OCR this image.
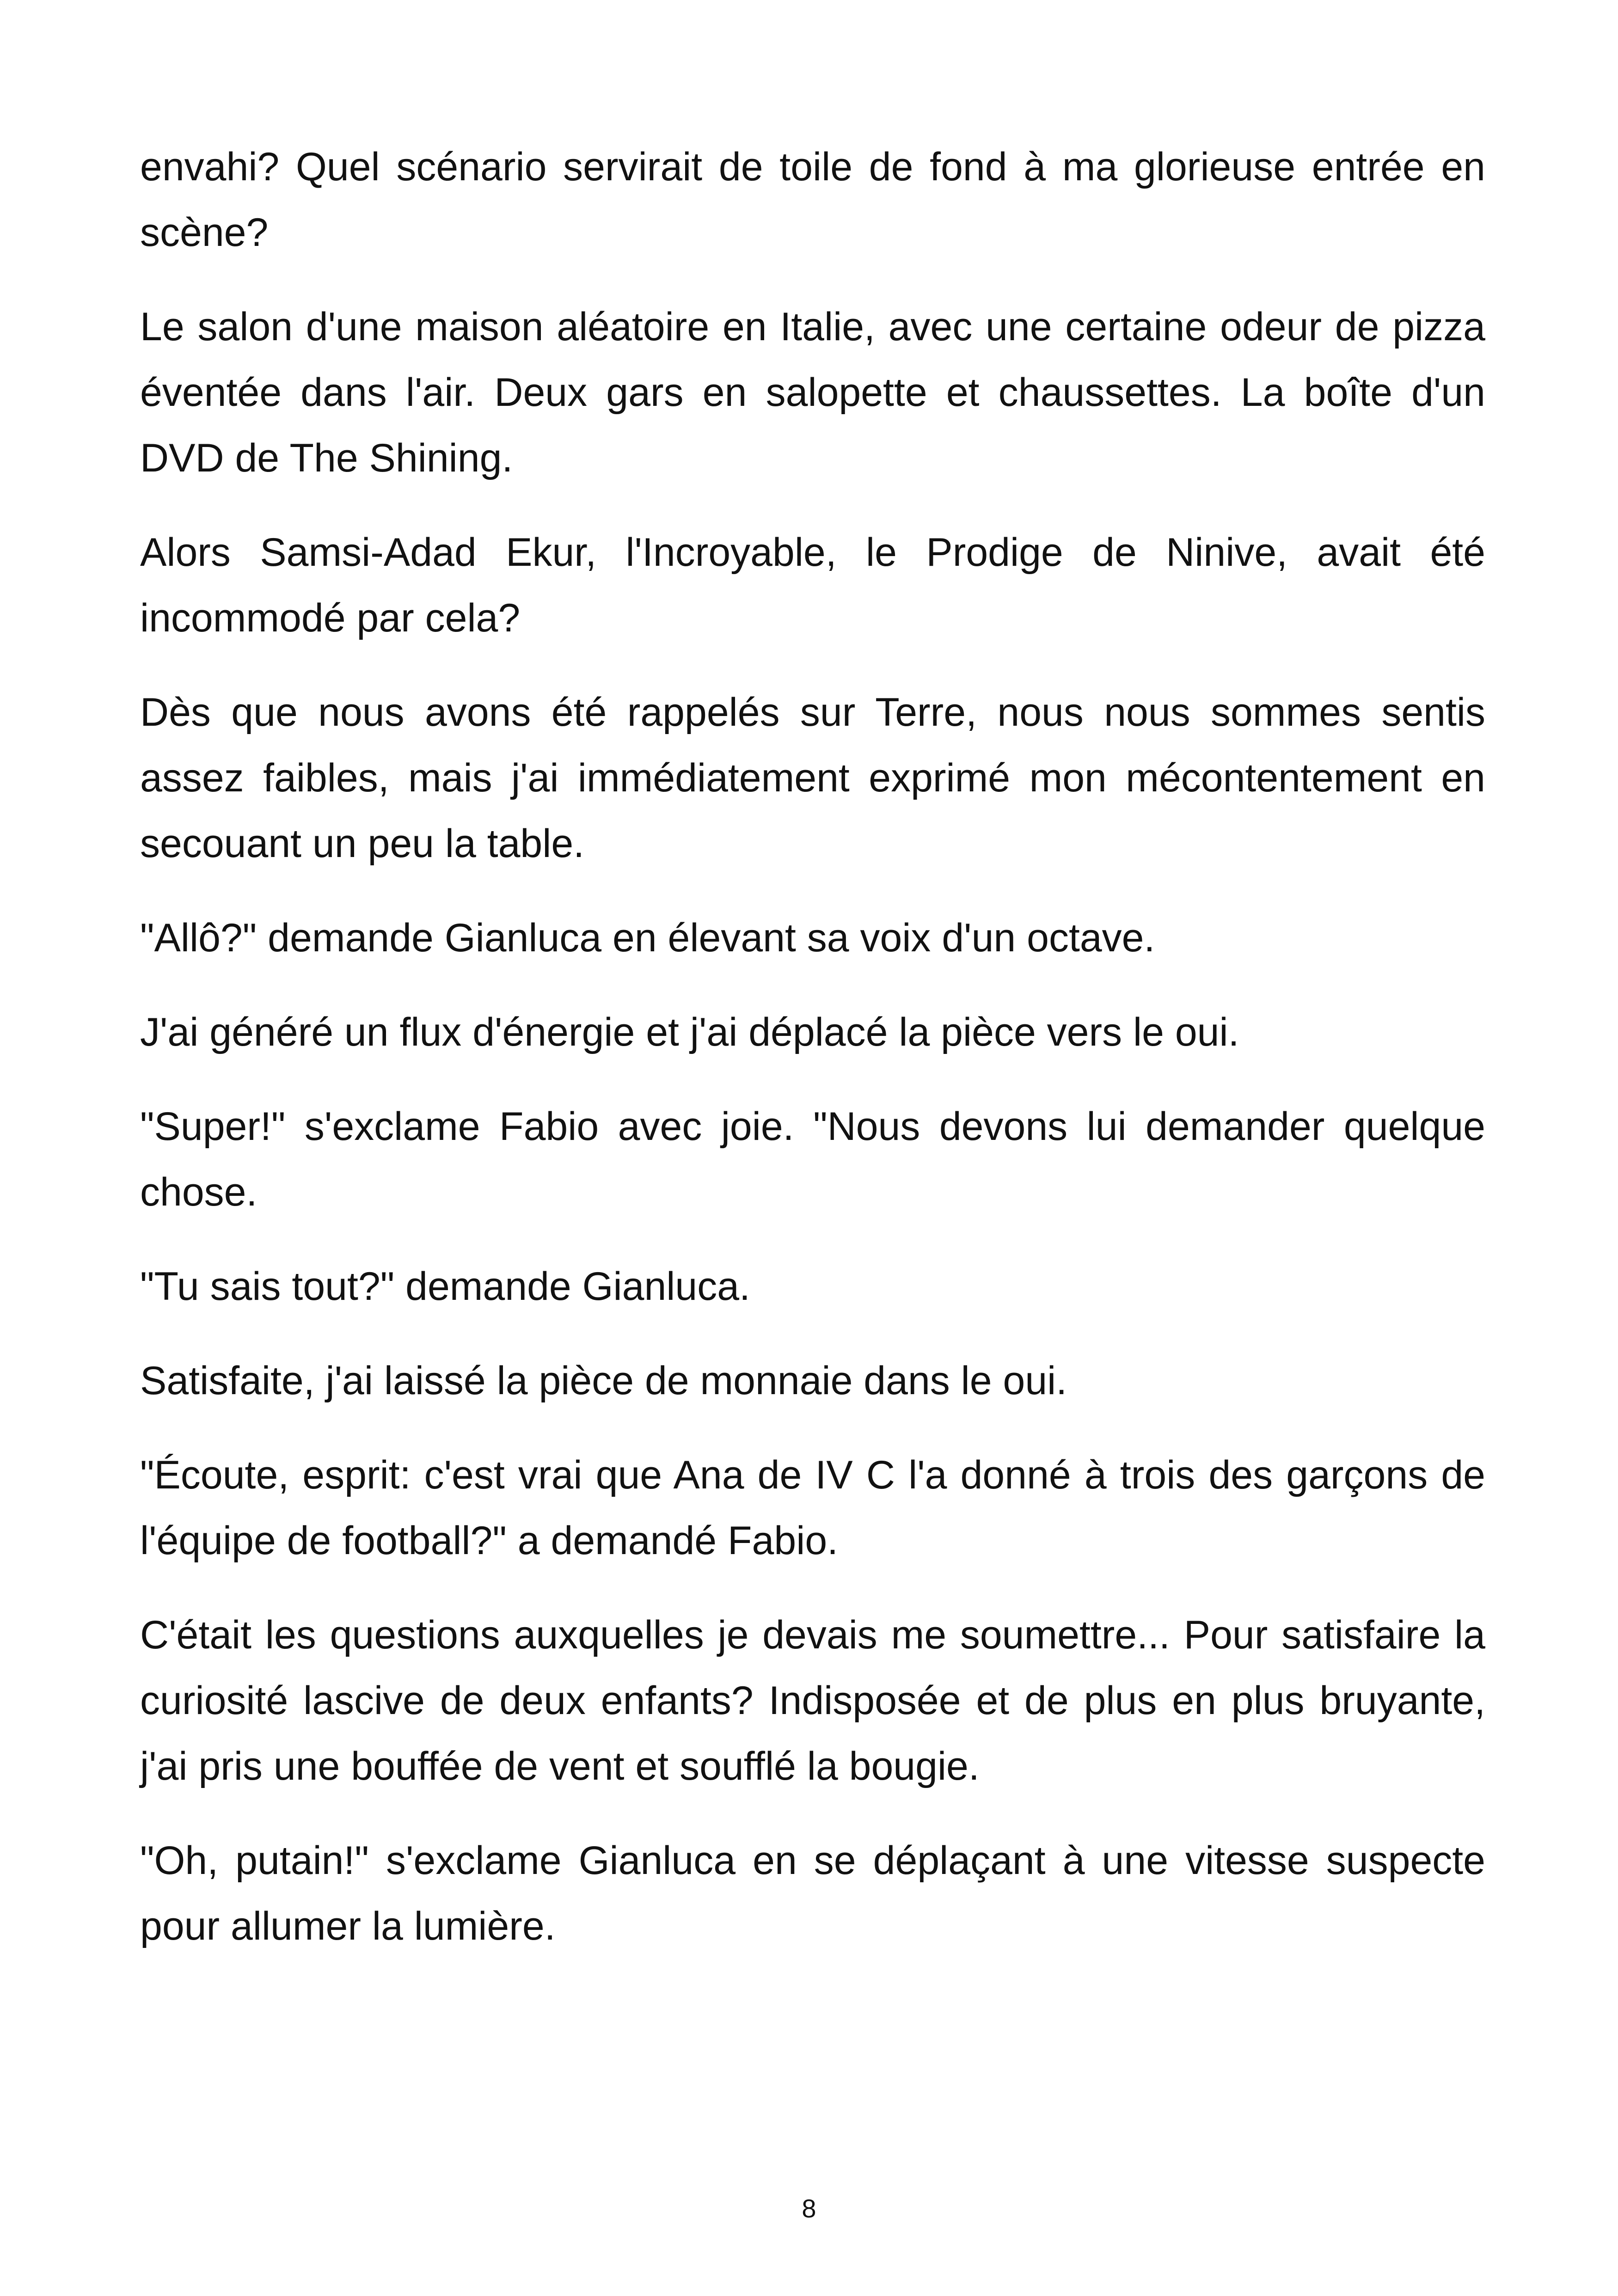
envahi? Quel scénario servirait de toile de fond à ma glorieuse entrée en scène?

Le salon d'une maison aléatoire en Italie, avec une certaine odeur de pizza éventée dans l'air. Deux gars en salopette et chaussettes. La boîte d'un DVD de The Shining.

Alors Samsi-Adad Ekur, l'Incroyable, le Prodige de Ninive, avait été incommodé par cela?

Dès que nous avons été rappelés sur Terre, nous nous sommes sentis assez faibles, mais j'ai immédiatement exprimé mon mécontentement en secouant un peu la table.

"Allô?" demande Gianluca en élevant sa voix d'un octave.

J'ai généré un flux d'énergie et j'ai déplacé la pièce vers le oui.

"Super!" s'exclame Fabio avec joie. "Nous devons lui demander quelque chose.

"Tu sais tout?" demande Gianluca.

Satisfaite, j'ai laissé la pièce de monnaie dans le oui.

"Écoute, esprit: c'est vrai que Ana de IV C l'a donné à trois des garçons de l'équipe de football?" a demandé Fabio.

C'était les questions auxquelles je devais me soumettre... Pour satisfaire la curiosité lascive de deux enfants? Indisposée et de plus en plus bruyante, j'ai pris une bouffée de vent et soufflé la bougie.

"Oh, putain!" s'exclame Gianluca en se déplaçant à une vitesse suspecte pour allumer la lumière.

8
